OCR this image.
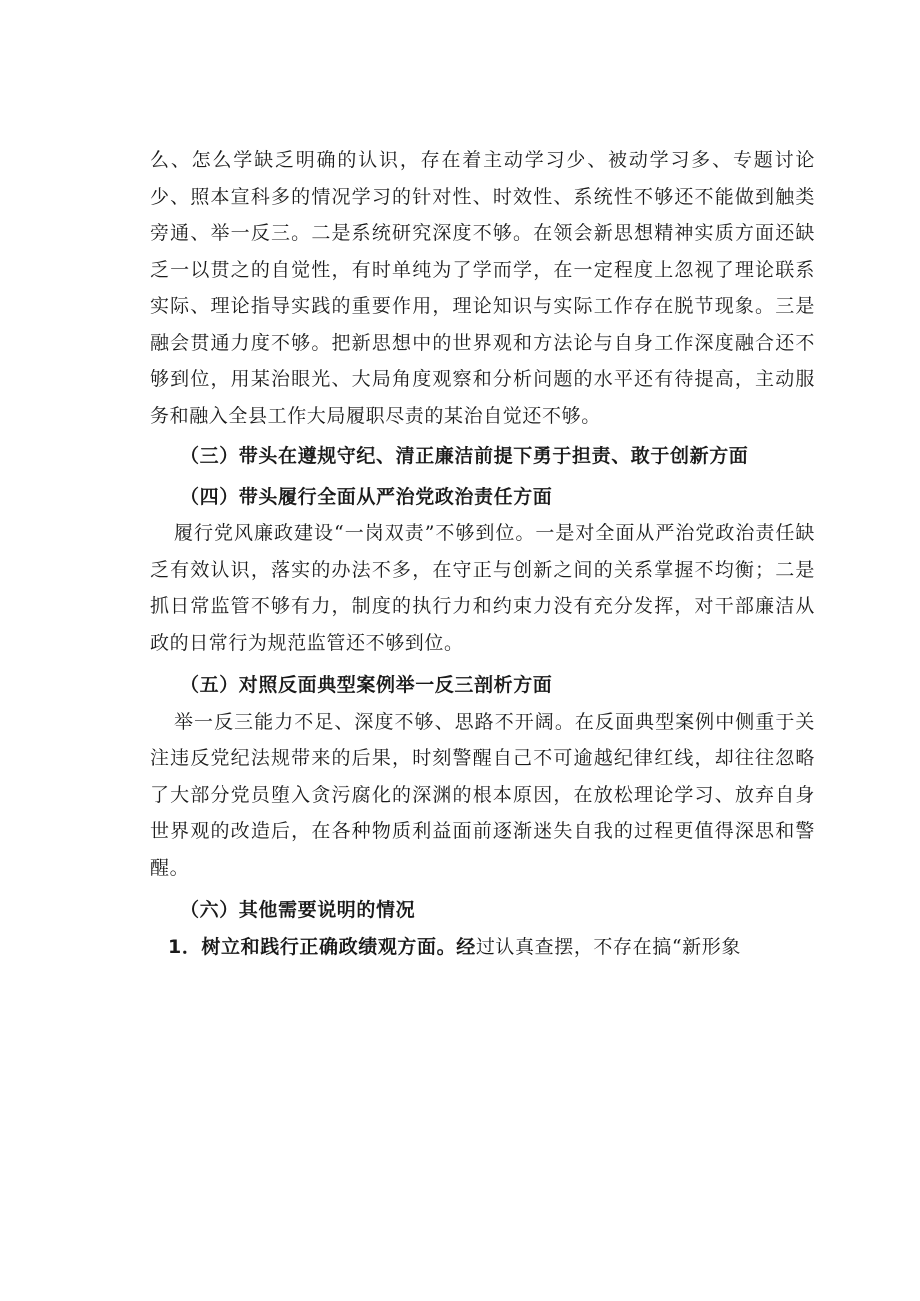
么、怎么学缺乏明确的认识，存在着主动学习少、被动学习多、专题讨论少、照本宣科多的情况学习的针对性、时效性、系统性不够还不能做到触类旁通、举一反三。二是系统研究深度不够。在领会新思想精神实质方面还缺乏一以贯之的自觉性，有时单纯为了学而学，在一定程度上忽视了理论联系实际、理论指导实践的重要作用，理论知识与实际工作存在脱节现象。三是融会贯通力度不够。把新思想中的世界观和方法论与自身工作深度融合还不够到位，用某治眼光、大局角度观察和分析问题的水平还有待提高，主动服务和融入全县工作大局履职尽责的某治自觉还不够。

（三）带头在遵规守纪、清正廉洁前提下勇于担责、敢于创新方面

（四）带头履行全面从严治党政治责任方面

履行党风廉政建设“一岗双责”不够到位。一是对全面从严治党政治责任缺乏有效认识，落实的办法不多，在守正与创新之间的关系掌握不均衡；二是抓日常监管不够有力，制度的执行力和约束力没有充分发挥，对干部廉洁从政的日常行为规范监管还不够到位。

（五）对照反面典型案例举一反三剖析方面

举一反三能力不足、深度不够、思路不开阔。在反面典型案例中侧重于关注违反党纪法规带来的后果，时刻警醒自己不可逾越纪律红线，却往往忽略了大部分党员堕入贪污腐化的深渊的根本原因，在放松理论学习、放弃自身世界观的改造后，在各种物质利益面前逐渐迷失自我的过程更值得深思和警醒。

（六）其他需要说明的情况

1．树立和践行正确政绩观方面。经过认真查摆，不存在搞“新形象
